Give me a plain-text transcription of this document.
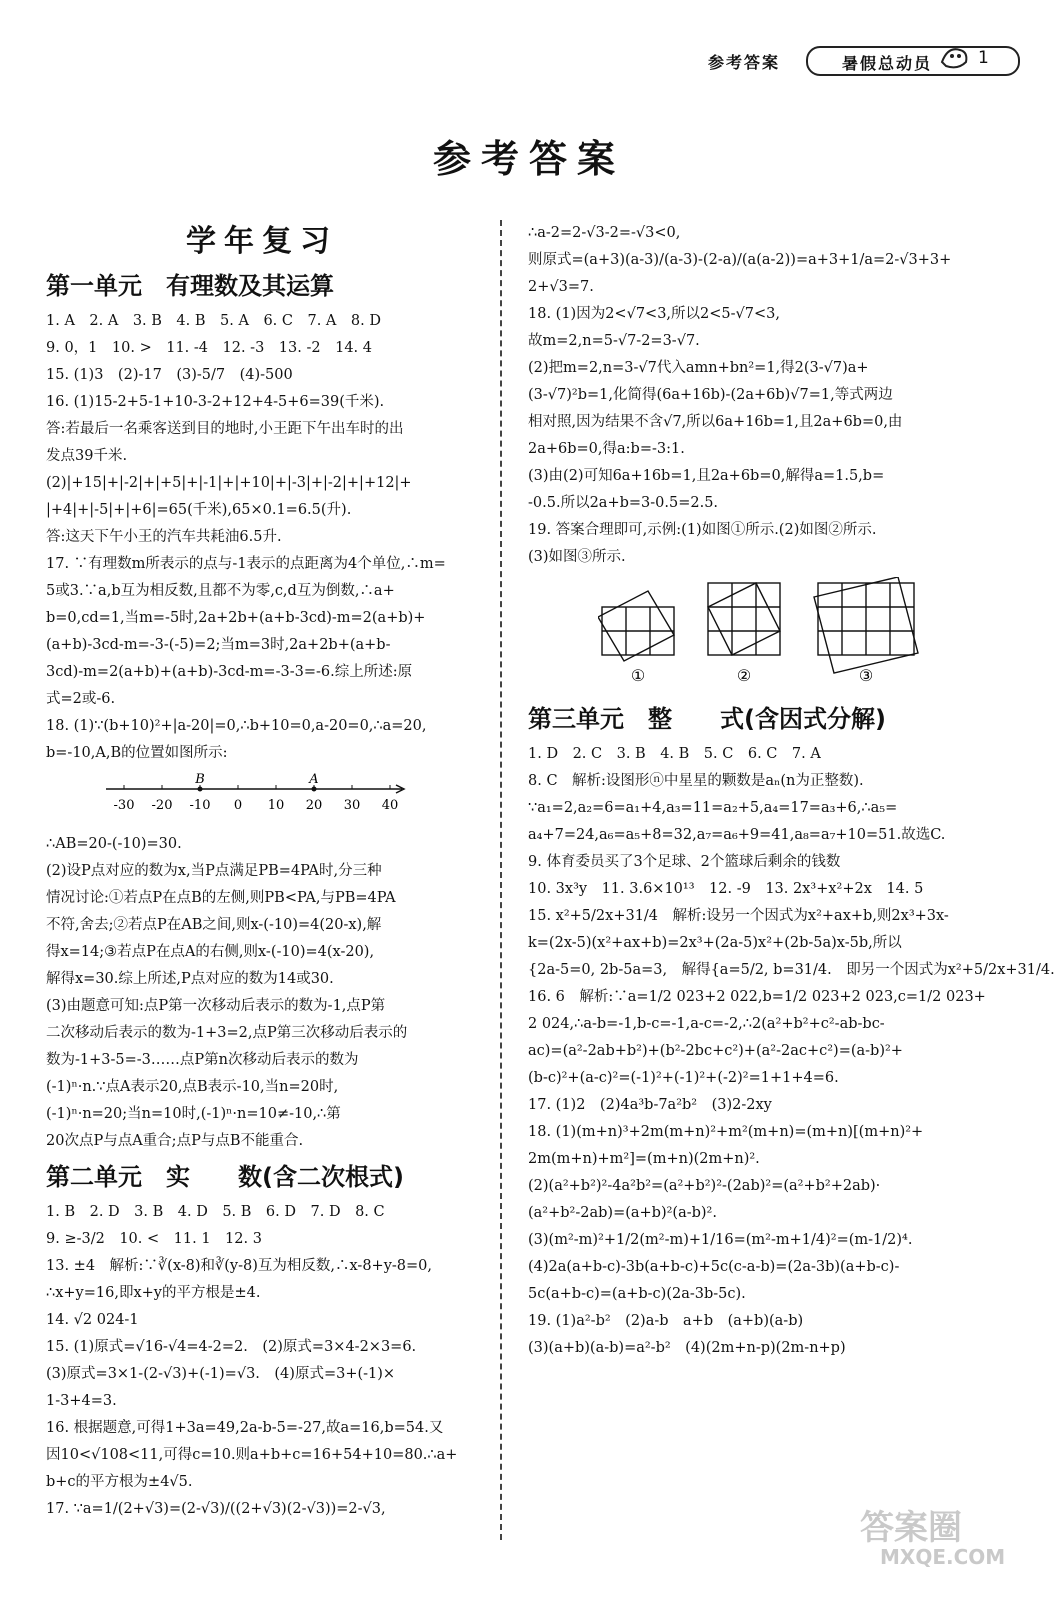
参考答案	暑假总动员	1
参考答案
学年复习
第一单元　有理数及其运算

1. A　2. A　3. B　4. B　5. A　6. C　7. A　8. D

9. 0，1　10. >　11. -4　12. -3　13. -2　14. 4

15. (1)3　(2)-17　(3)-5/7　(4)-500

16. (1)15-2+5-1+10-3-2+12+4-5+6=39(千米).

答:若最后一名乘客送到目的地时,小王距下午出车时的出

发点39千米.

(2)|+15|+|-2|+|+5|+|-1|+|+10|+|-3|+|-2|+|+12|+

|+4|+|-5|+|+6|=65(千米),65×0.1=6.5(升).

答:这天下午小王的汽车共耗油6.5升.

17. ∵有理数m所表示的点与-1表示的点距离为4个单位,∴m=

5或3.∵a,b互为相反数,且都不为零,c,d互为倒数,∴a+

b=0,cd=1,当m=-5时,2a+2b+(a+b-3cd)-m=2(a+b)+

(a+b)-3cd-m=-3-(-5)=2;当m=3时,2a+2b+(a+b-

3cd)-m=2(a+b)+(a+b)-3cd-m=-3-3=-6.综上所述:原

式=2或-6.

18. (1)∵(b+10)²+|a-20|=0,∴b+10=0,a-20=0,∴a=20,

b=-10,A,B的位置如图所示:

-30 -20 -10 0 10 20 30 40
B	A

∴AB=20-(-10)=30.

(2)设P点对应的数为x,当P点满足PB=4PA时,分三种

情况讨论:①若点P在点B的左侧,则PB<PA,与PB=4PA

不符,舍去;②若点P在AB之间,则x-(-10)=4(20-x),解

得x=14;③若点P在点A的右侧,则x-(-10)=4(x-20),

解得x=30.综上所述,P点对应的数为14或30.

(3)由题意可知:点P第一次移动后表示的数为-1,点P第

二次移动后表示的数为-1+3=2,点P第三次移动后表示的

数为-1+3-5=-3……点P第n次移动后表示的数为

(-1)ⁿ·n.∵点A表示20,点B表示-10,当n=20时,

(-1)ⁿ·n=20;当n=10时,(-1)ⁿ·n=10≠-10,∴第

20次点P与点A重合;点P与点B不能重合.

第二单元　实　　数(含二次根式)

1. B　2. D　3. B　4. D　5. B　6. D　7. D　8. C

9. ≥-3/2　10. <　11. 1　12. 3

13. ±4　解析:∵∛(x-8)和∛(y-8)互为相反数,∴x-8+y-8=0,

∴x+y=16,即x+y的平方根是±4.

14. √2 024-1

15. (1)原式=√16-√4=4-2=2.　(2)原式=3×4-2×3=6.

(3)原式=3×1-(2-√3)+(-1)=√3.　(4)原式=3+(-1)×

1-3+4=3.

16. 根据题意,可得1+3a=49,2a-b-5=-27,故a=16,b=54.又

因10<√108<11,可得c=10.则a+b+c=16+54+10=80.∴a+

b+c的平方根为±4√5.

17. ∵a=1/(2+√3)=(2-√3)/((2+√3)(2-√3))=2-√3,

∴a-2=2-√3-2=-√3<0,

则原式=(a+3)(a-3)/(a-3)-(2-a)/(a(a-2))=a+3+1/a=2-√3+3+

2+√3=7.

18. (1)因为2<√7<3,所以2<5-√7<3,

故m=2,n=5-√7-2=3-√7.

(2)把m=2,n=3-√7代入amn+bn²=1,得2(3-√7)a+

(3-√7)²b=1,化简得(6a+16b)-(2a+6b)√7=1,等式两边

相对照,因为结果不含√7,所以6a+16b=1,且2a+6b=0,由

2a+6b=0,得a:b=-3:1.

(3)由(2)可知6a+16b=1,且2a+6b=0,解得a=1.5,b=

-0.5.所以2a+b=3-0.5=2.5.

19. 答案合理即可,示例:(1)如图①所示.(2)如图②所示.

(3)如图③所示.

①	②	③
第三单元　整　　式(含因式分解)

1. D　2. C　3. B　4. B　5. C　6. C　7. A

8. C　解析:设图形ⓝ中星星的颗数是aₙ(n为正整数).

∵a₁=2,a₂=6=a₁+4,a₃=11=a₂+5,a₄=17=a₃+6,∴a₅=

a₄+7=24,a₆=a₅+8=32,a₇=a₆+9=41,a₈=a₇+10=51.故选C.

9. 体育委员买了3个足球、2个篮球后剩余的钱数

10. 3x³y　11. 3.6×10¹³　12. -9　13. 2x³+x²+2x　14. 5

15. x²+5/2x+31/4　解析:设另一个因式为x²+ax+b,则2x³+3x-

k=(2x-5)(x²+ax+b)=2x³+(2a-5)x²+(2b-5a)x-5b,所以

{2a-5=0, 2b-5a=3,　解得{a=5/2, b=31/4.　即另一个因式为x²+5/2x+31/4.

16. 6　解析:∵a=1/2 023+2 022,b=1/2 023+2 023,c=1/2 023+

2 024,∴a-b=-1,b-c=-1,a-c=-2,∴2(a²+b²+c²-ab-bc-

ac)=(a²-2ab+b²)+(b²-2bc+c²)+(a²-2ac+c²)=(a-b)²+

(b-c)²+(a-c)²=(-1)²+(-1)²+(-2)²=1+1+4=6.

17. (1)2　(2)4a³b-7a²b²　(3)2-2xy

18. (1)(m+n)³+2m(m+n)²+m²(m+n)=(m+n)[(m+n)²+

2m(m+n)+m²]=(m+n)(2m+n)².

(2)(a²+b²)²-4a²b²=(a²+b²)²-(2ab)²=(a²+b²+2ab)·

(a²+b²-2ab)=(a+b)²(a-b)².

(3)(m²-m)²+1/2(m²-m)+1/16=(m²-m+1/4)²=(m-1/2)⁴.

(4)2a(a+b-c)-3b(a+b-c)+5c(c-a-b)=(2a-3b)(a+b-c)-

5c(a+b-c)=(a+b-c)(2a-3b-5c).

19. (1)a²-b²　(2)a-b　a+b　(a+b)(a-b)

(3)(a+b)(a-b)=a²-b²　(4)(2m+n-p)(2m-n+p)

答案圈
MXQE.COM
